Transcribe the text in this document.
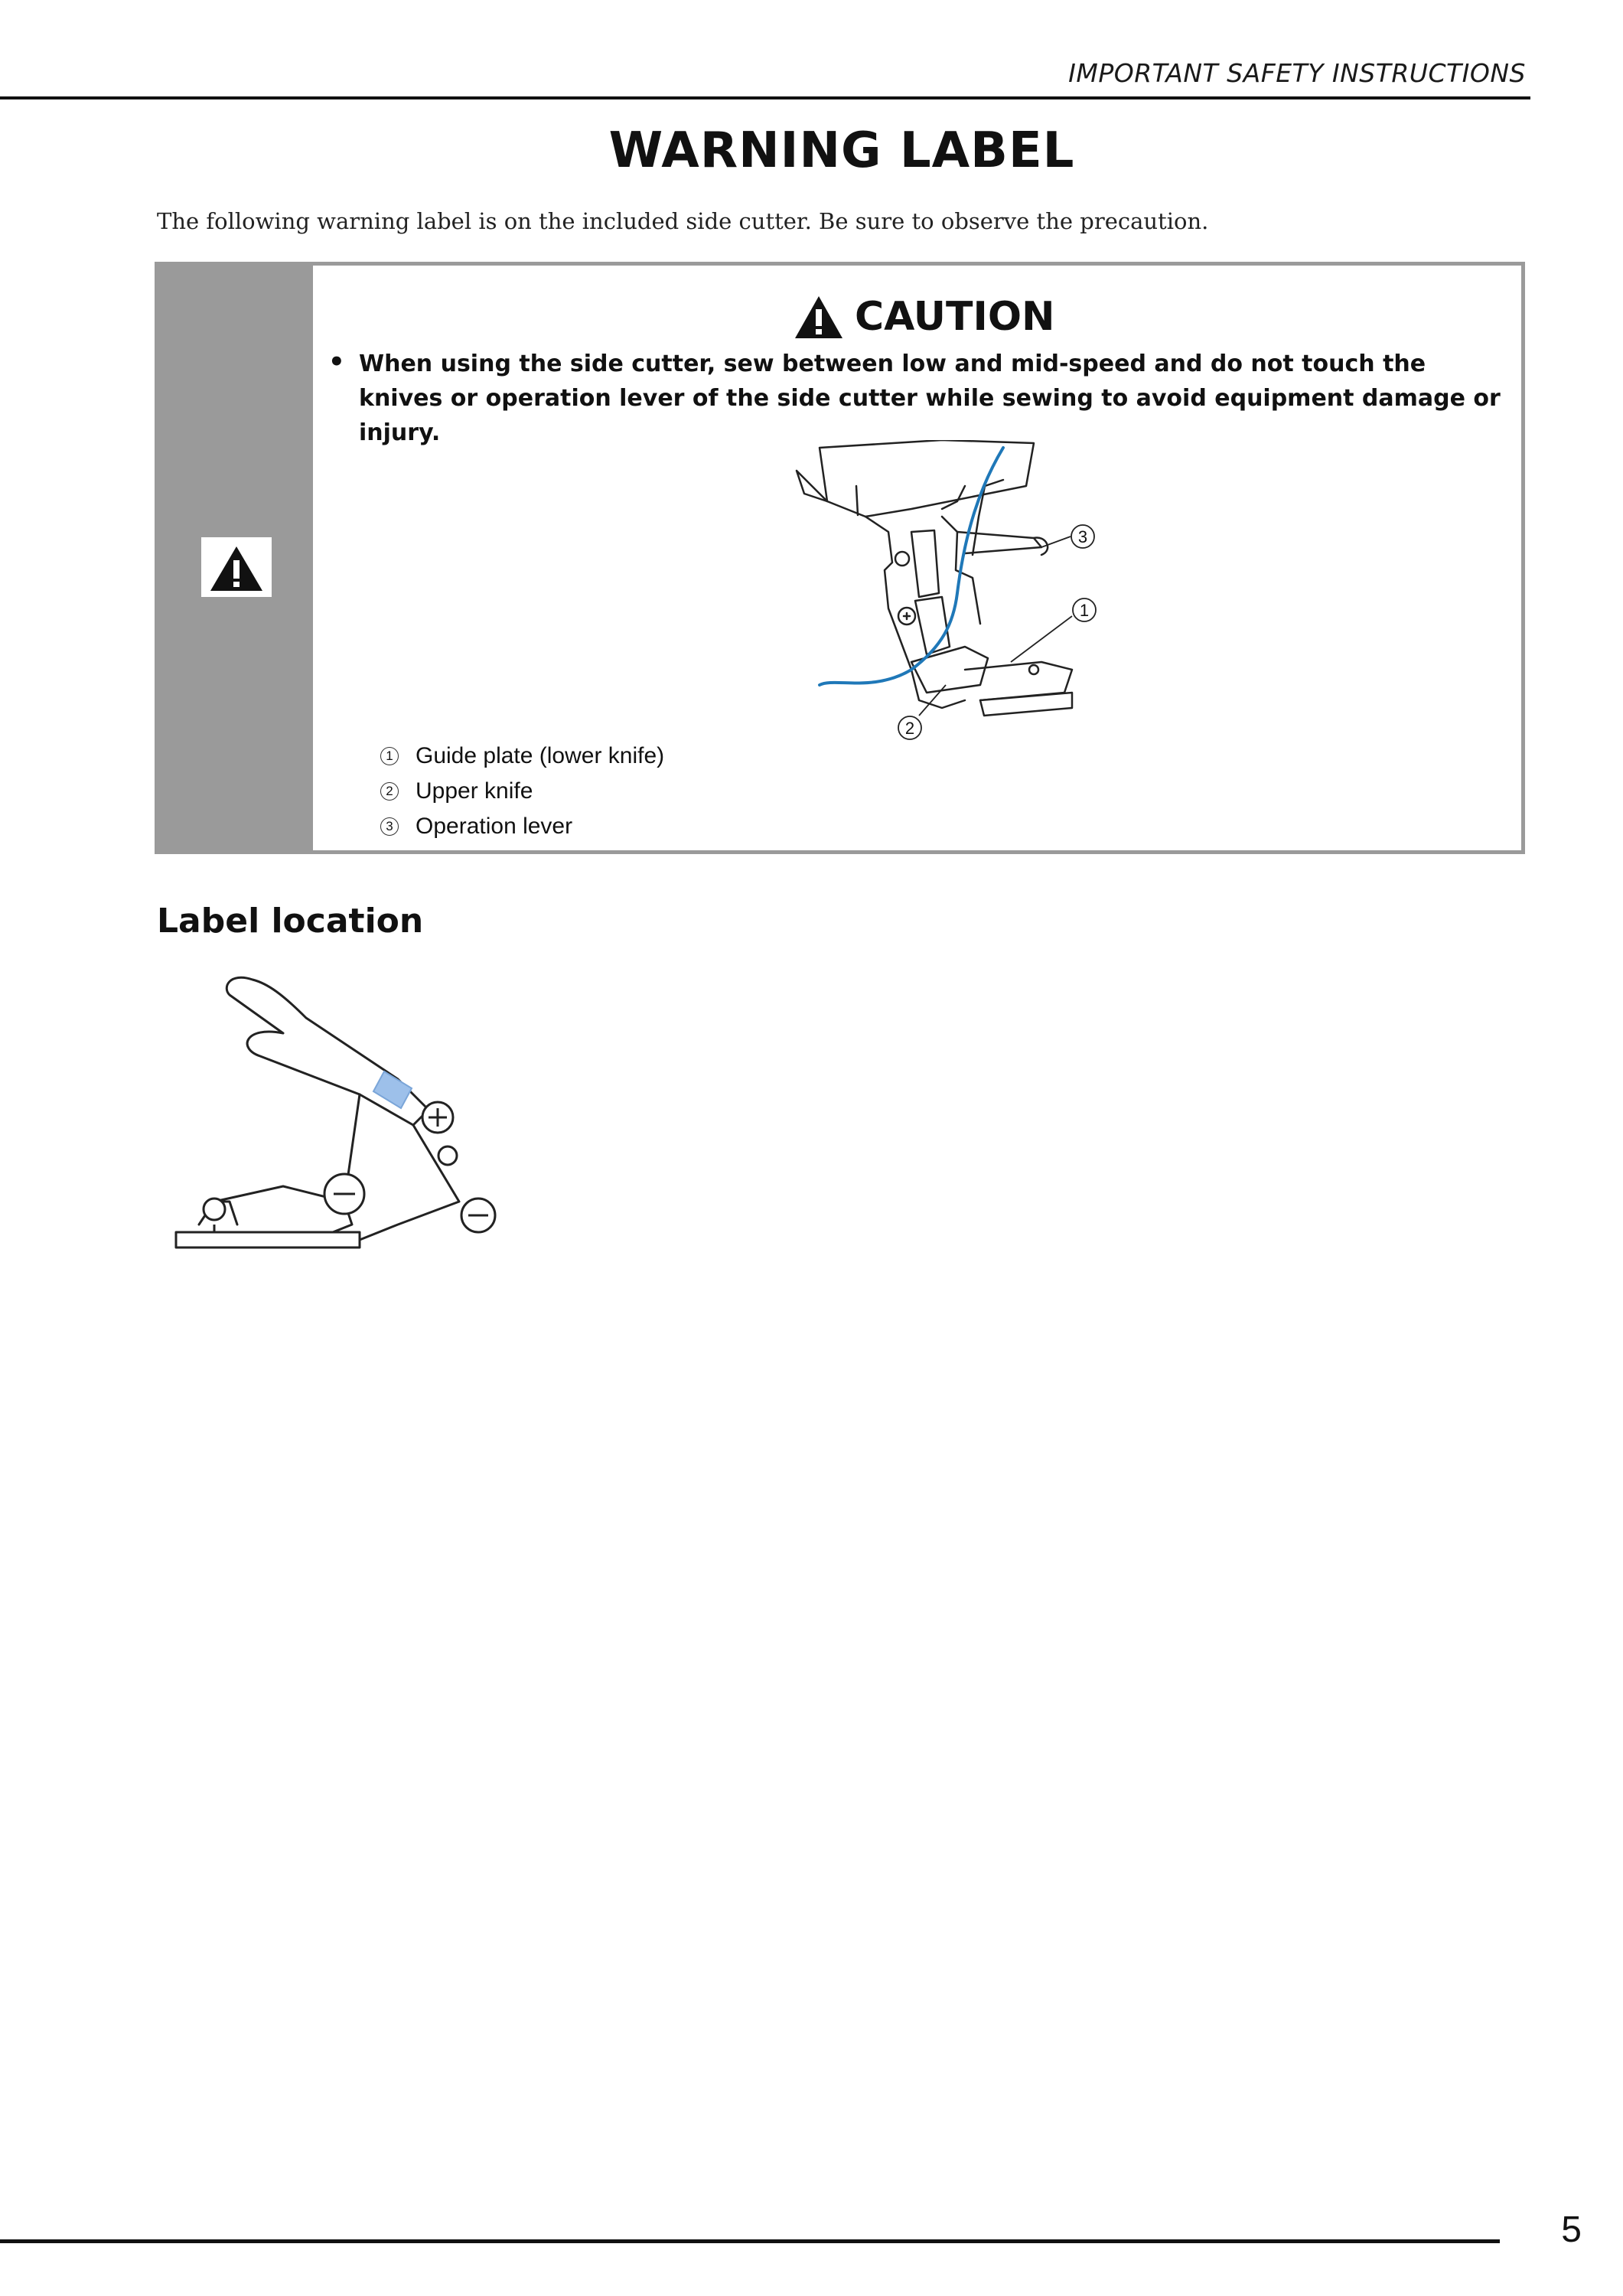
IMPORTANT SAFETY INSTRUCTIONS
WARNING LABEL
The following warning label is on the included side cutter. Be sure to observe the precaution.
CAUTION
• When using the side cutter, sew between low and mid-speed and do not touch the knives or operation lever of the side cutter while sewing to avoid equipment damage or injury.
3
1
2
1 Guide plate (lower knife)
2 Upper knife
3 Operation lever
Label location
5
